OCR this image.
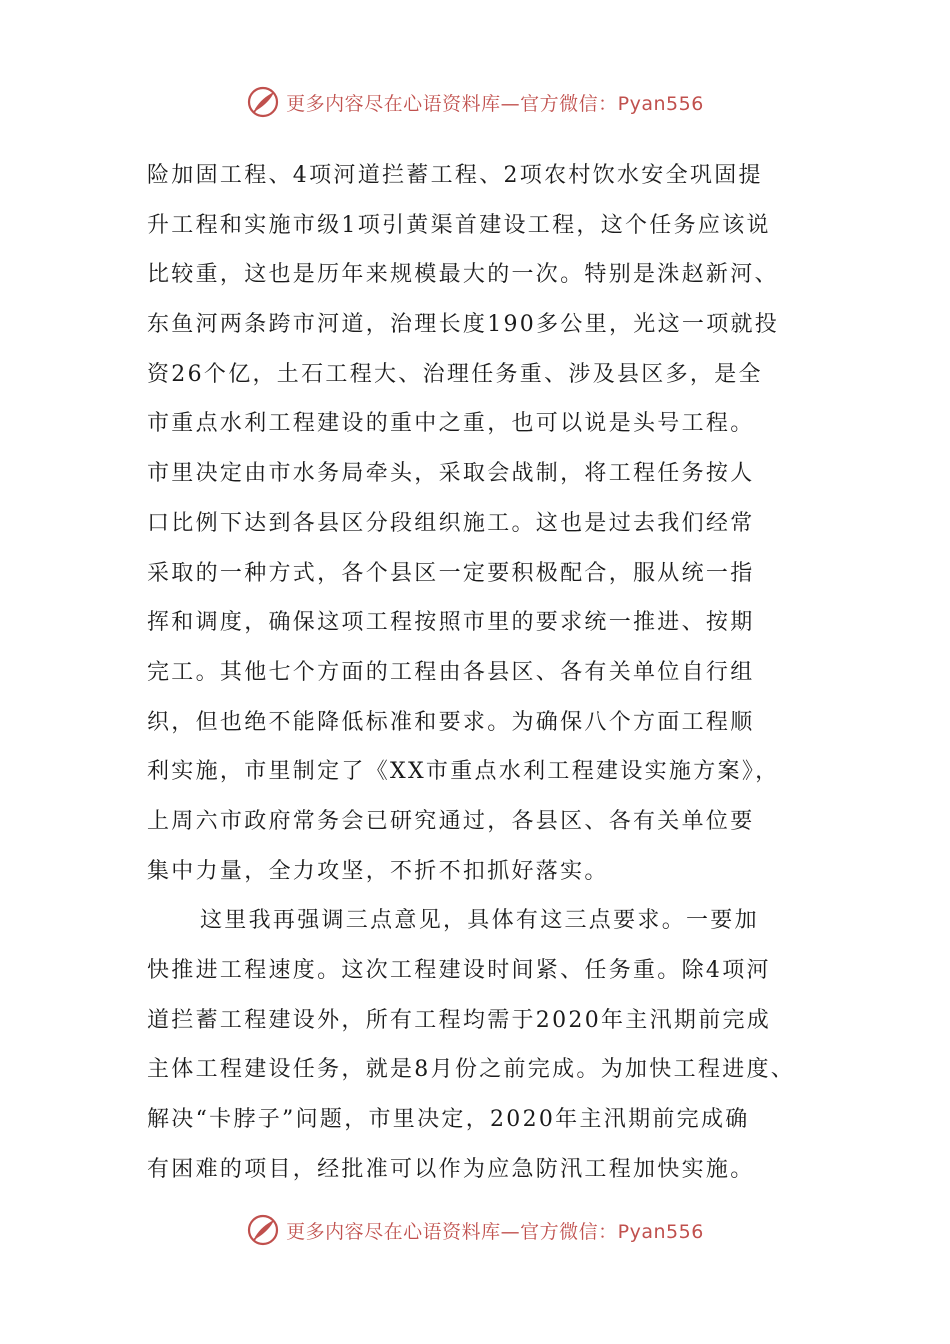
更多内容尽在心语资料库—官方微信：Pyan556
险加固工程、4项河道拦蓄工程、2项农村饮水安全巩固提
升工程和实施市级1项引黄渠首建设工程，这个任务应该说
比较重，这也是历年来规模最大的一次。特别是洙赵新河、
东鱼河两条跨市河道，治理长度190多公里，光这一项就投
资26个亿，土石工程大、治理任务重、涉及县区多，是全
市重点水利工程建设的重中之重，也可以说是头号工程。
市里决定由市水务局牵头，采取会战制，将工程任务按人
口比例下达到各县区分段组织施工。这也是过去我们经常
采取的一种方式，各个县区一定要积极配合，服从统一指
挥和调度，确保这项工程按照市里的要求统一推进、按期
完工。其他七个方面的工程由各县区、各有关单位自行组
织，但也绝不能降低标准和要求。为确保八个方面工程顺
利实施，市里制定了《XX市重点水利工程建设实施方案》，
上周六市政府常务会已研究通过，各县区、各有关单位要
集中力量，全力攻坚，不折不扣抓好落实。
这里我再强调三点意见，具体有这三点要求。一要加
快推进工程速度。这次工程建设时间紧、任务重。除4项河
道拦蓄工程建设外，所有工程均需于2020年主汛期前完成
主体工程建设任务，就是8月份之前完成。为加快工程进度、
解决“卡脖子”问题，市里决定，2020年主汛期前完成确
有困难的项目，经批准可以作为应急防汛工程加快实施。
更多内容尽在心语资料库—官方微信：Pyan556
